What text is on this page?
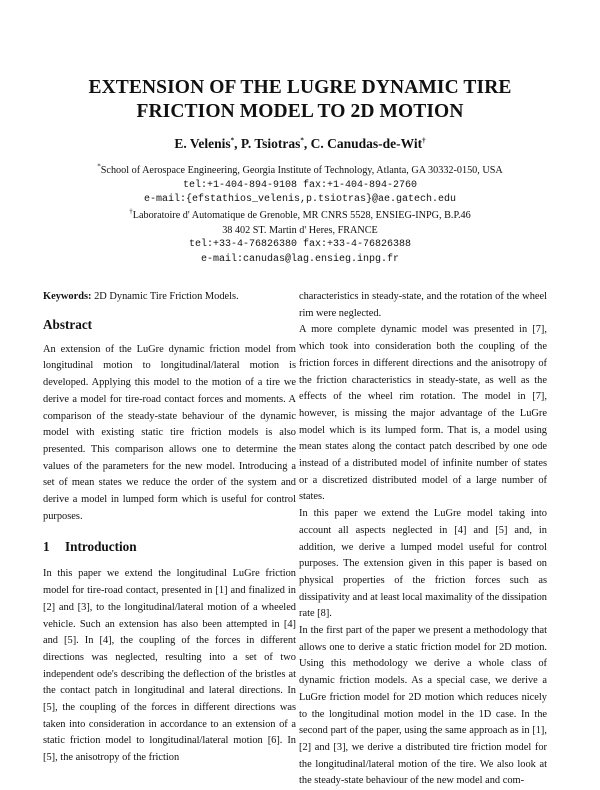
EXTENSION OF THE LUGRE DYNAMIC TIRE
FRICTION MODEL TO 2D MOTION
E. Velenis*, P. Tsiotras*, C. Canudas-de-Wit†
*School of Aerospace Engineering, Georgia Institute of Technology, Atlanta, GA 30332-0150, USA
tel:+1-404-894-9108 fax:+1-404-894-2760
e-mail:{efstathios_velenis,p.tsiotras}@ae.gatech.edu
†Laboratoire d' Automatique de Grenoble, MR CNRS 5528, ENSIEG-INPG, B.P.46
38 402 ST. Martin d' Heres, FRANCE
tel:+33-4-76826380 fax:+33-4-76826388
e-mail:canudas@lag.ensieg.inpg.fr

Keywords: 2D Dynamic Tire Friction Models.

Abstract

An extension of the LuGre dynamic friction model from longitudinal motion to longitudinal/lateral motion is developed. Applying this model to the motion of a tire we derive a model for tire-road contact forces and moments. A comparison of the steady-state behaviour of the dynamic model with existing static tire friction models is also presented. This comparison allows one to determine the values of the parameters for the new model. Introducing a set of mean states we reduce the order of the system and derive a model in lumped form which is useful for control purposes.

1 Introduction

In this paper we extend the longitudinal LuGre friction model for tire-road contact, presented in [1] and finalized in [2] and [3], to the longitudinal/lateral motion of a wheeled vehicle. Such an extension has also been attempted in [4] and [5]. In [4], the coupling of the forces in different directions was neglected, resulting into a set of two independent ode's describing the deflection of the bristles at the contact patch in longitudinal and lateral directions. In [5], the coupling of the forces in different directions was taken into consideration in accordance to an extension of a static friction model to longitudinal/lateral motion [6]. In [5], the anisotropy of the friction

characteristics in steady-state, and the rotation of the wheel rim were neglected.

A more complete dynamic model was presented in [7], which took into consideration both the coupling of the friction forces in different directions and the anisotropy of the friction characteristics in steady-state, as well as the effects of the wheel rim rotation. The model in [7], however, is missing the major advantage of the LuGre model which is its lumped form. That is, a model using mean states along the contact patch described by one ode instead of a distributed model of infinite number of states or a discretized distributed model of a large number of states.

In this paper we extend the LuGre model taking into account all aspects neglected in [4] and [5] and, in addition, we derive a lumped model useful for control purposes. The extension given in this paper is based on physical properties of the friction forces such as dissipativity and at least local maximality of the dissipation rate [8].

In the first part of the paper we present a methodology that allows one to derive a static friction model for 2D motion. Using this methodology we derive a whole class of dynamic friction models. As a special case, we derive a LuGre friction model for 2D motion which reduces nicely to the longitudinal motion model in the 1D case. In the second part of the paper, using the same approach as in [1], [2] and [3], we derive a distributed tire friction model for the longitudinal/lateral motion of the tire. We also look at the steady-state behaviour of the new model and com-
